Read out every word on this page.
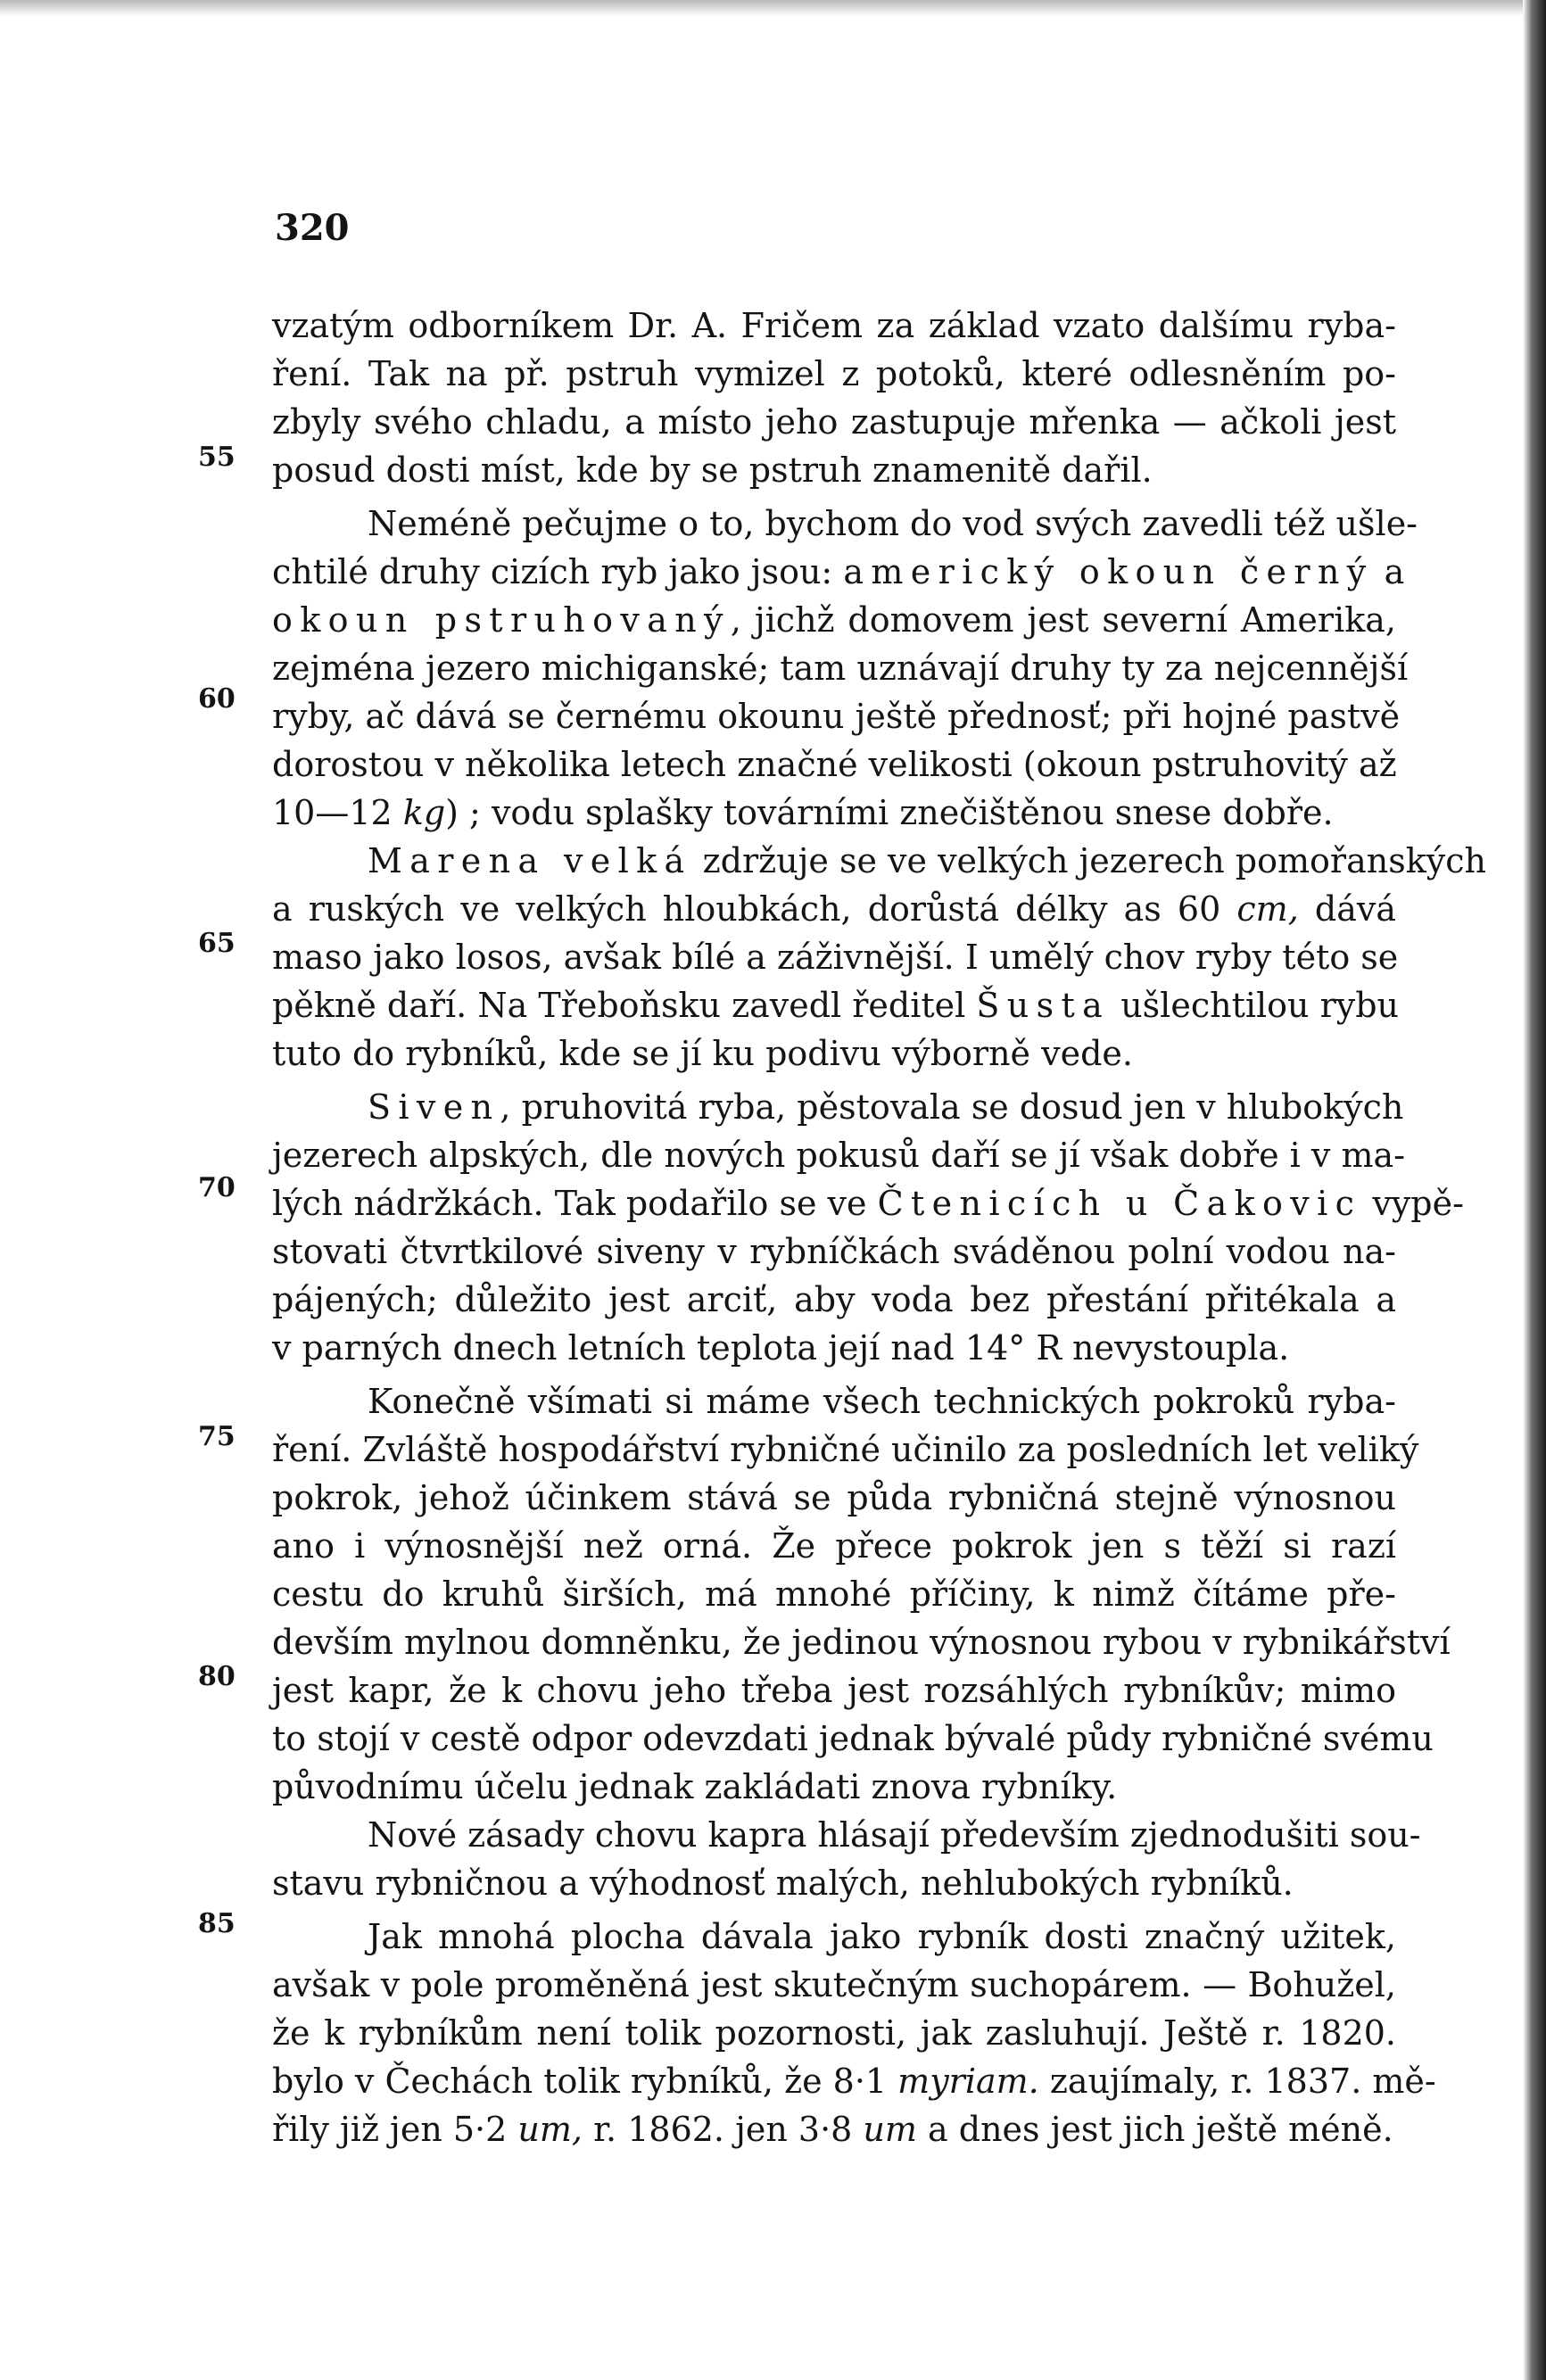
320
55
60
65
70
75
80
85
vzatým odborníkem Dr. A. Fričem za základ vzato dalšímu ryba-
ření. Tak na př. pstruh vymizel z potoků, které odlesněním po-
zbyly svého chladu, a místo jeho zastupuje mřenka — ačkoli jest
posud dosti míst, kde by se pstruh znamenitě dařil.
Neméně pečujme o to, bychom do vod svých zavedli též ušle-
chtilé druhy cizích ryb jako jsou: americký okoun černý a
okoun pstruhovaný, jichž domovem jest severní Amerika,
zejména jezero michiganské; tam uznávají druhy ty za nejcennější
ryby, ač dává se černému okounu ještě přednosť; při hojné pastvě
dorostou v několika letech značné velikosti (okoun pstruhovitý až
10—12 kg) ; vodu splašky továrními znečištěnou snese dobře.
Marena velká zdržuje se ve velkých jezerech pomořanských
a ruských ve velkých hloubkách, dorůstá délky as 60 cm, dává
maso jako losos, avšak bílé a záživnější. I umělý chov ryby této se
pěkně daří. Na Třeboňsku zavedl ředitel Šusta ušlechtilou rybu
tuto do rybníků, kde se jí ku podivu výborně vede.
Siven, pruhovitá ryba, pěstovala se dosud jen v hlubokých
jezerech alpských, dle nových pokusů daří se jí však dobře i v ma-
lých nádržkách. Tak podařilo se ve Čtenicích u Čakovic vypě-
stovati čtvrtkilové siveny v rybníčkách sváděnou polní vodou na-
pájených; důležito jest arciť, aby voda bez přestání přitékala a
v parných dnech letních teplota její nad 14° R nevystoupla.
Konečně všímati si máme všech technických pokroků ryba-
ření. Zvláště hospodářství rybničné učinilo za posledních let veliký
pokrok, jehož účinkem stává se půda rybničná stejně výnosnou
ano i výnosnější než orná. Že přece pokrok jen s těží si razí
cestu do kruhů širších, má mnohé příčiny, k nimž čítáme pře-
devším mylnou domněnku, že jedinou výnosnou rybou v rybnikářství
jest kapr, že k chovu jeho třeba jest rozsáhlých rybníkův; mimo
to stojí v cestě odpor odevzdati jednak bývalé půdy rybničné svému
původnímu účelu jednak zakládati znova rybníky.
Nové zásady chovu kapra hlásají především zjednodušiti sou-
stavu rybničnou a výhodnosť malých, nehlubokých rybníků.
Jak mnohá plocha dávala jako rybník dosti značný užitek,
avšak v pole proměněná jest skutečným suchopárem. — Bohužel,
že k rybníkům není tolik pozornosti, jak zasluhují. Ještě r. 1820.
bylo v Čechách tolik rybníků, že 8·1 myriam. zaujímaly, r. 1837. mě-
řily již jen 5·2 um, r. 1862. jen 3·8 um a dnes jest jich ještě méně.
